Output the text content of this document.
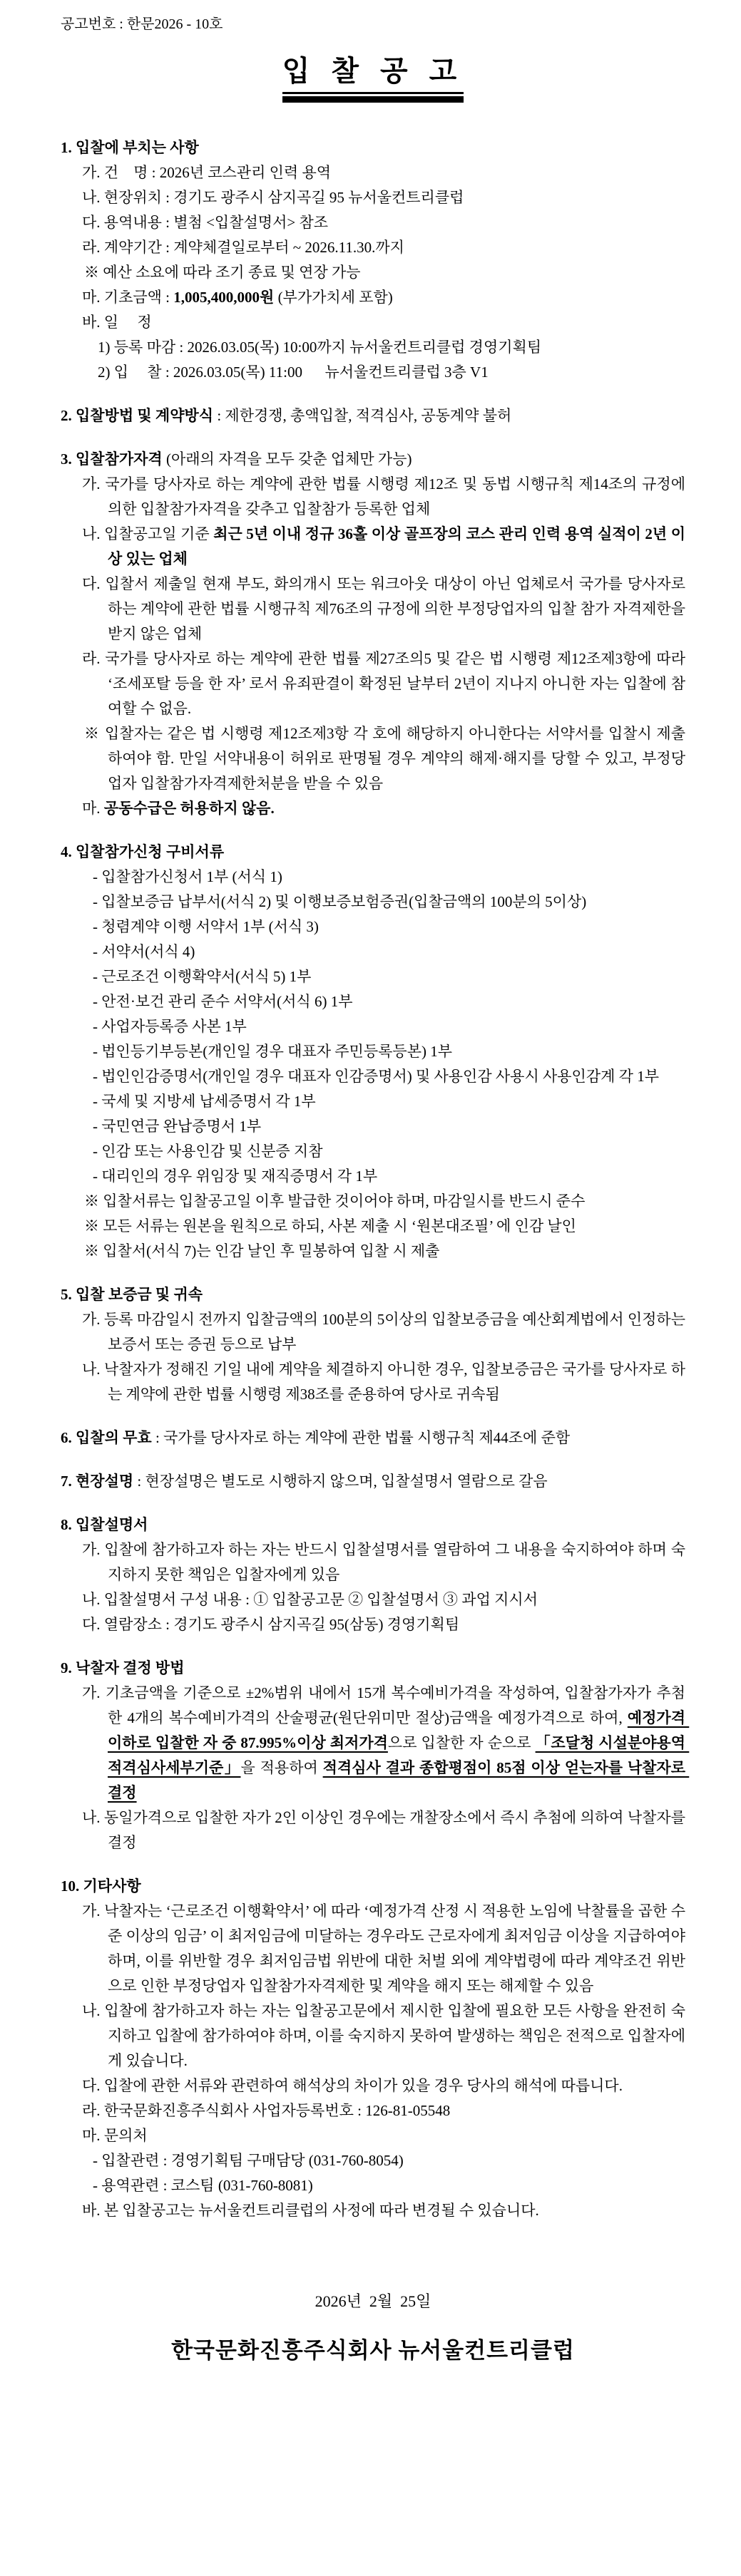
공고번호 : 한문2026 - 10호
입 찰 공 고
1. 입찰에 부치는 사항
가. 건    명 : 2026년 코스관리 인력 용역
나. 현장위치 : 경기도 광주시 삼지곡길 95 뉴서울컨트리클럽
다. 용역내용 : 별첨 <입찰설명서> 참조
라. 계약기간 : 계약체결일로부터 ~ 2026.11.30.까지
※ 예산 소요에 따라 조기 종료 및 연장 가능
마. 기초금액 : 1,005,400,000원 (부가가치세 포함)
바. 일     정
1) 등록 마감 : 2026.03.05(목) 10:00까지 뉴서울컨트리클럽 경영기획팀
2) 입     찰 : 2026.03.05(목) 11:00      뉴서울컨트리클럽 3층 V1
2. 입찰방법 및 계약방식 : 제한경쟁, 총액입찰, 적격심사, 공동계약 불허
3. 입찰참가자격 (아래의 자격을 모두 갖춘 업체만 가능)
가. 국가를 당사자로 하는 계약에 관한 법률 시행령 제12조 및 동법 시행규칙 제14조의 규정에 의한 입찰참가자격을 갖추고 입찰참가 등록한 업체
나. 입찰공고일 기준 최근 5년 이내 정규 36홀 이상 골프장의 코스 관리 인력 용역 실적이 2년 이상 있는 업체
다. 입찰서 제출일 현재 부도, 화의개시 또는 워크아웃 대상이 아닌 업체로서 국가를 당사자로 하는 계약에 관한 법률 시행규칙 제76조의 규정에 의한 부정당업자의 입찰 참가 자격제한을 받지 않은 업체
라. 국가를 당사자로 하는 계약에 관한 법률 제27조의5 및 같은 법 시행령 제12조제3항에 따라 ‘조세포탈 등을 한 자’ 로서 유죄판결이 확정된 날부터 2년이 지나지 아니한 자는 입찰에 참여할 수 없음.
※ 입찰자는 같은 법 시행령 제12조제3항 각 호에 해당하지 아니한다는 서약서를 입찰시 제출하여야 함. 만일 서약내용이 허위로 판명될 경우 계약의 해제·해지를 당할 수 있고, 부정당업자 입찰참가자격제한처분을 받을 수 있음
마. 공동수급은 허용하지 않음.
4. 입찰참가신청 구비서류
- 입찰참가신청서 1부 (서식 1)
- 입찰보증금 납부서(서식 2) 및 이행보증보험증권(입찰금액의 100분의 5이상)
- 청렴계약 이행 서약서 1부 (서식 3)
- 서약서(서식 4)
- 근로조건 이행확약서(서식 5) 1부
- 안전·보건 관리 준수 서약서(서식 6) 1부
- 사업자등록증 사본 1부
- 법인등기부등본(개인일 경우 대표자 주민등록등본) 1부
- 법인인감증명서(개인일 경우 대표자 인감증명서) 및 사용인감 사용시 사용인감계 각 1부
- 국세 및 지방세 납세증명서 각 1부
- 국민연금 완납증명서 1부
- 인감 또는 사용인감 및 신분증 지참
- 대리인의 경우 위임장 및 재직증명서 각 1부
※ 입찰서류는 입찰공고일 이후 발급한 것이어야 하며, 마감일시를 반드시 준수
※ 모든 서류는 원본을 원칙으로 하되, 사본 제출 시 ‘원본대조필’ 에 인감 날인
※ 입찰서(서식 7)는 인감 날인 후 밀봉하여 입찰 시 제출
5. 입찰 보증금 및 귀속
가. 등록 마감일시 전까지 입찰금액의 100분의 5이상의 입찰보증금을 예산회계법에서 인정하는 보증서 또는 증권 등으로 납부
나. 낙찰자가 정해진 기일 내에 계약을 체결하지 아니한 경우, 입찰보증금은 국가를 당사자로 하는 계약에 관한 법률 시행령 제38조를 준용하여 당사로 귀속됨
6. 입찰의 무효 : 국가를 당사자로 하는 계약에 관한 법률 시행규칙 제44조에 준함
7. 현장설명 : 현장설명은 별도로 시행하지 않으며, 입찰설명서 열람으로 갈음
8. 입찰설명서
가. 입찰에 참가하고자 하는 자는 반드시 입찰설명서를 열람하여 그 내용을 숙지하여야 하며 숙지하지 못한 책임은 입찰자에게 있음
나. 입찰설명서 구성 내용 : ① 입찰공고문 ② 입찰설명서 ③ 과업 지시서
다. 열람장소 : 경기도 광주시 삼지곡길 95(삼동) 경영기획팀
9. 낙찰자 결정 방법
가. 기초금액을 기준으로 ±2%범위 내에서 15개 복수예비가격을 작성하여, 입찰참가자가 추첨한 4개의 복수예비가격의 산술평균(원단위미만 절상)금액을 예정가격으로 하여, 예정가격 이하로 입찰한 자 중 87.995%이상 최저가격으로 입찰한 자 순으로 「조달청 시설분야용역 적격심사세부기준」을 적용하여 적격심사 결과 종합평점이 85점 이상 얻는자를 낙찰자로 결정
나. 동일가격으로 입찰한 자가 2인 이상인 경우에는 개찰장소에서 즉시 추첨에 의하여 낙찰자를 결정
10. 기타사항
가. 낙찰자는 ‘근로조건 이행확약서’ 에 따라 ‘예정가격 산정 시 적용한 노임에 낙찰률을 곱한 수준 이상의 임금’ 이 최저임금에 미달하는 경우라도 근로자에게 최저임금 이상을 지급하여야 하며, 이를 위반할 경우 최저임금법 위반에 대한 처벌 외에 계약법령에 따라 계약조건 위반으로 인한 부정당업자 입찰참가자격제한 및 계약을 해지 또는 해제할 수 있음
나. 입찰에 참가하고자 하는 자는 입찰공고문에서 제시한 입찰에 필요한 모든 사항을 완전히 숙지하고 입찰에 참가하여야 하며, 이를 숙지하지 못하여 발생하는 책임은 전적으로 입찰자에게 있습니다.
다. 입찰에 관한 서류와 관련하여 해석상의 차이가 있을 경우 당사의 해석에 따릅니다.
라. 한국문화진흥주식회사 사업자등록번호 : 126-81-05548
마. 문의처
- 입찰관련 : 경영기획팀 구매담당 (031-760-8054)
- 용역관련 : 코스팀 (031-760-8081)
바. 본 입찰공고는 뉴서울컨트리클럽의 사정에 따라 변경될 수 있습니다.
2026년  2월  25일
한국문화진흥주식회사 뉴서울컨트리클럽
